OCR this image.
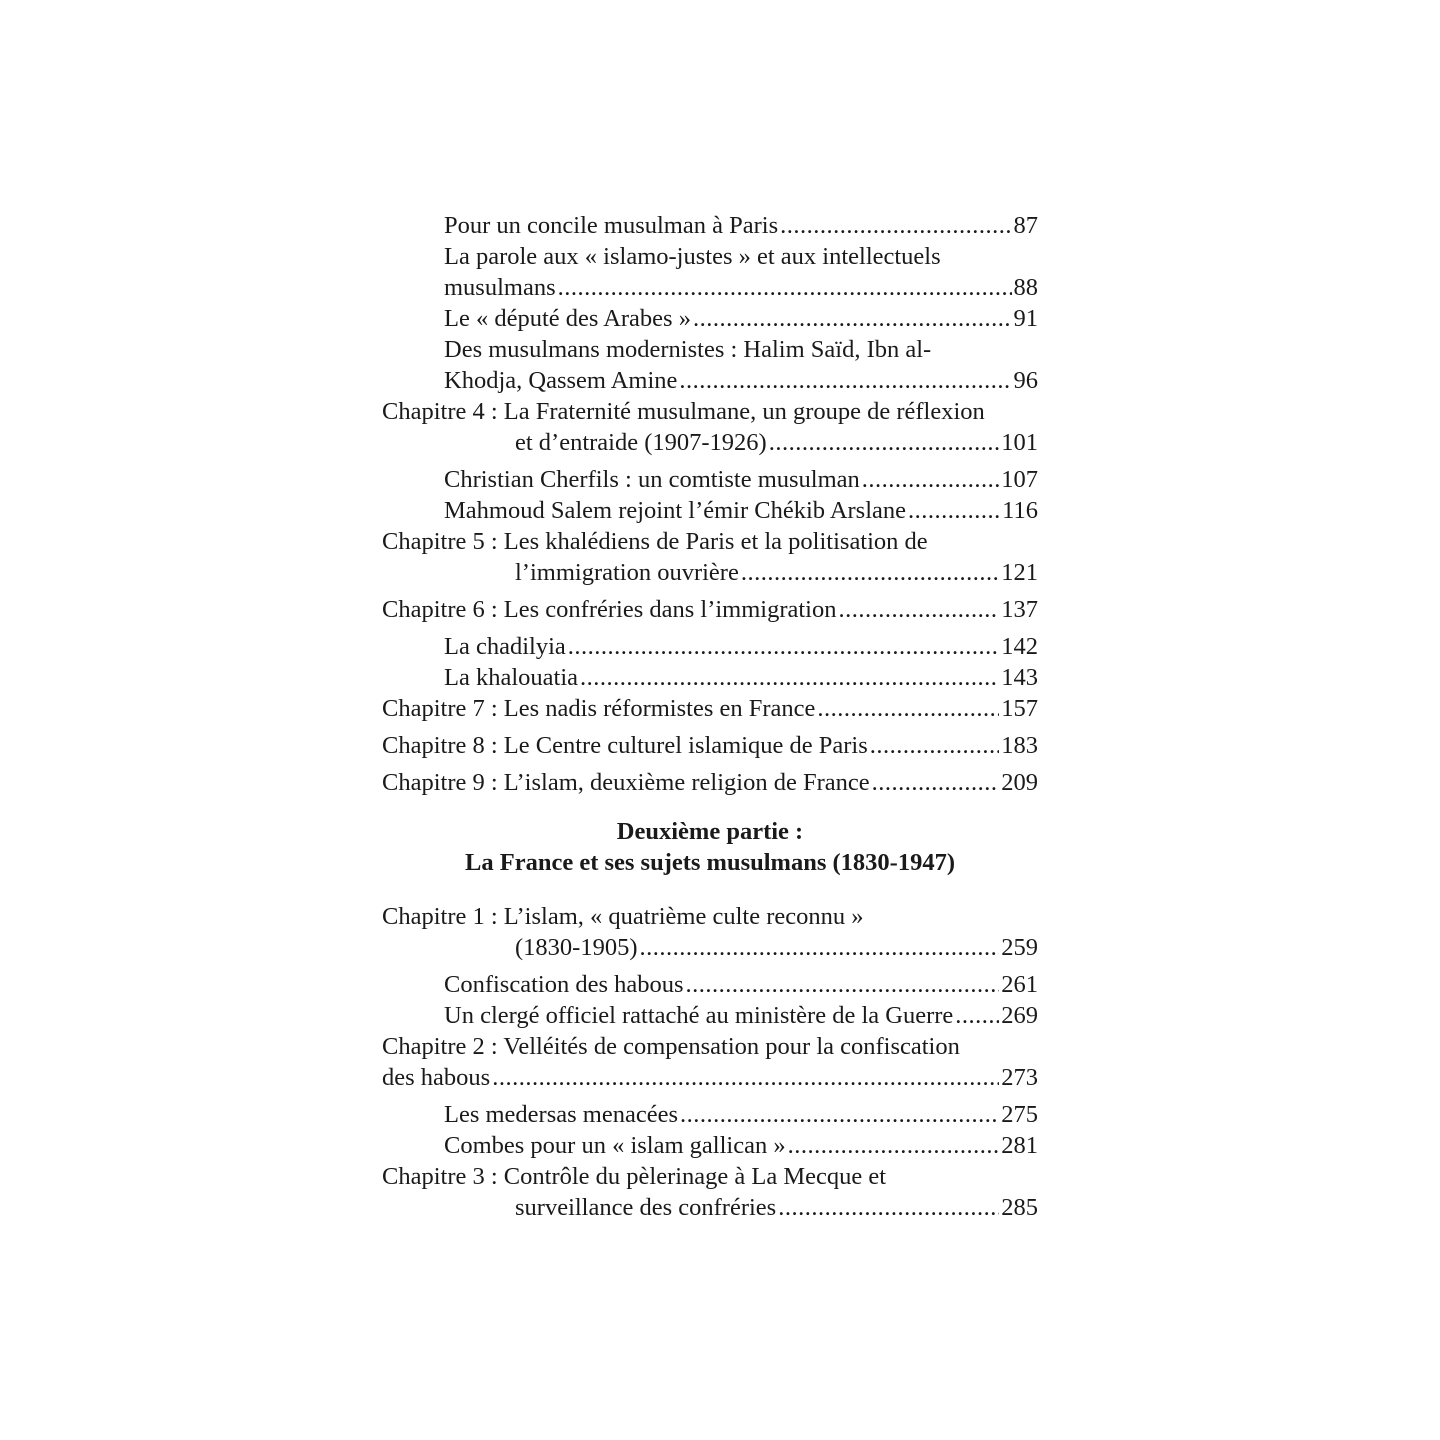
Pour un concile musulman à Paris .....	87
La parole aux « islamo-justes » et aux intellectuels
musulmans .....	88
Le « député des Arabes » .....	91
Des musulmans modernistes : Halim Saïd, Ibn al-
Khodja, Qassem Amine .....	96
Chapitre 4 : La Fraternité musulmane, un groupe de réflexion
et d’entraide (1907-1926) .....	101
Christian Cherfils : un comtiste musulman .....	107
Mahmoud Salem rejoint l’émir Chékib Arslane .....	116
Chapitre 5 : Les khalédiens de Paris et la politisation de
l’immigration ouvrière .....	121
Chapitre 6 : Les confréries dans l’immigration .....	137
La chadilyia .....	142
La khalouatia .....	143
Chapitre 7 : Les nadis réformistes en France .....	157
Chapitre 8 : Le Centre culturel islamique de Paris .....	183
Chapitre 9 : L’islam, deuxième religion de France .....	209
Deuxième partie :
La France et ses sujets musulmans (1830-1947)
Chapitre 1 : L’islam, « quatrième culte reconnu »
(1830-1905) .....	259
Confiscation des habous .....	261
Un clergé officiel rattaché au ministère de la Guerre ..... 269
Chapitre 2 : Velléités de compensation pour la confiscation
des habous .....	273
Les medersas menacées .....	275
Combes pour un « islam gallican » .....	281
Chapitre 3 : Contrôle du pèlerinage à La Mecque et
surveillance des confréries .....	285
